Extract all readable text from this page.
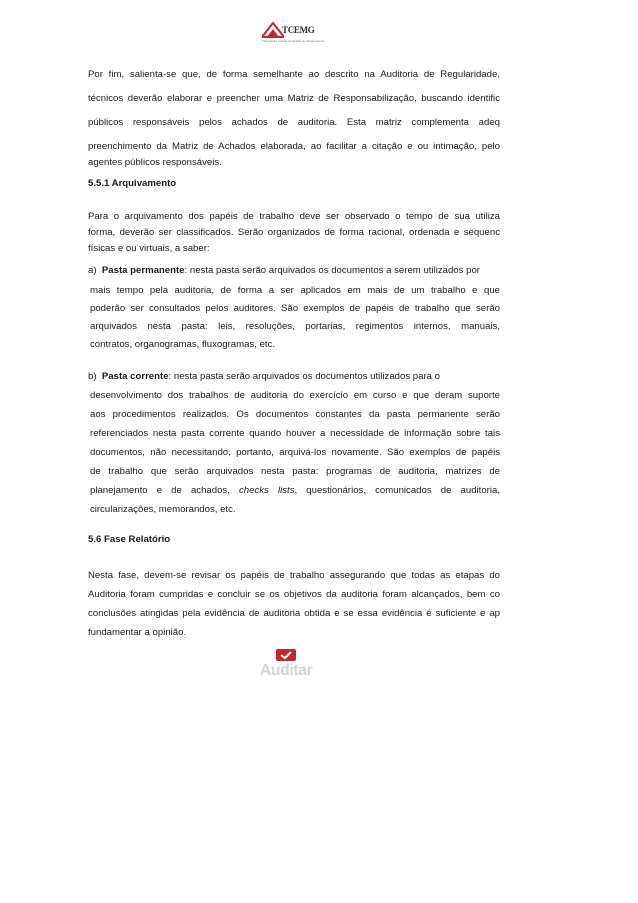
TCEMG
Tribunal de Contas do Estado de Minas Gerais
Por fim, salienta-se que, de forma semelhante ao descrito na Auditoria de Regularidade,
técnicos deverão elaborar e preencher uma Matriz de Responsabilização, buscando identific
públicos responsáveis pelos achados de auditoria. Esta matriz complementa adeq
preenchimento da Matriz de Achados elaborada, ao facilitar a citação e ou intimação, pelo
agentes públicos responsáveis.
5.5.1 Arquivamento
Para o arquivamento dos papéis de trabalho deve ser observado o tempo de sua utiliza
forma, deverão ser classificados. Serão organizados de forma racional, ordenada e sequenc
físicas e ou virtuais, a saber:
a) Pasta permanente: nesta pasta serão arquivados os documentos a serem utilizados por
mais tempo pela auditoria, de forma a ser aplicados em mais de um trabalho e que
poderão ser consultados pelos auditores. São exemplos de papéis de trabalho que serão
arquivados nesta pasta: leis, resoluções, portarias, regimentos internos, manuais,
contratos, organogramas, fluxogramas, etc.
b) Pasta corrente: nesta pasta serão arquivados os documentos utilizados para o
desenvolvimento dos trabalhos de auditoria do exercício em curso e que deram suporte
aos procedimentos realizados. Os documentos constantes da pasta permanente serão
referenciados nesta pasta corrente quando houver a necessidade de informação sobre tais
documentos, não necessitando, portanto, arquivá-los novamente. São exemplos de papéis
de trabalho que serão arquivados nesta pasta: programas de auditoria, matrizes de
planejamento e de achados, checks lists, questionários, comunicados de auditoria,
circularizações, memorandos, etc.
5.6 Fase Relatório
Nesta fase, devem-se revisar os papéis de trabalho assegurando que todas as etapas do
Auditoria foram cumpridas e concluir se os objetivos da auditoria foram alcançados, bem co
conclusões atingidas pela evidência de auditoria obtida e se essa evidência é suficiente e ap
fundamentar a opinião.
Auditar
